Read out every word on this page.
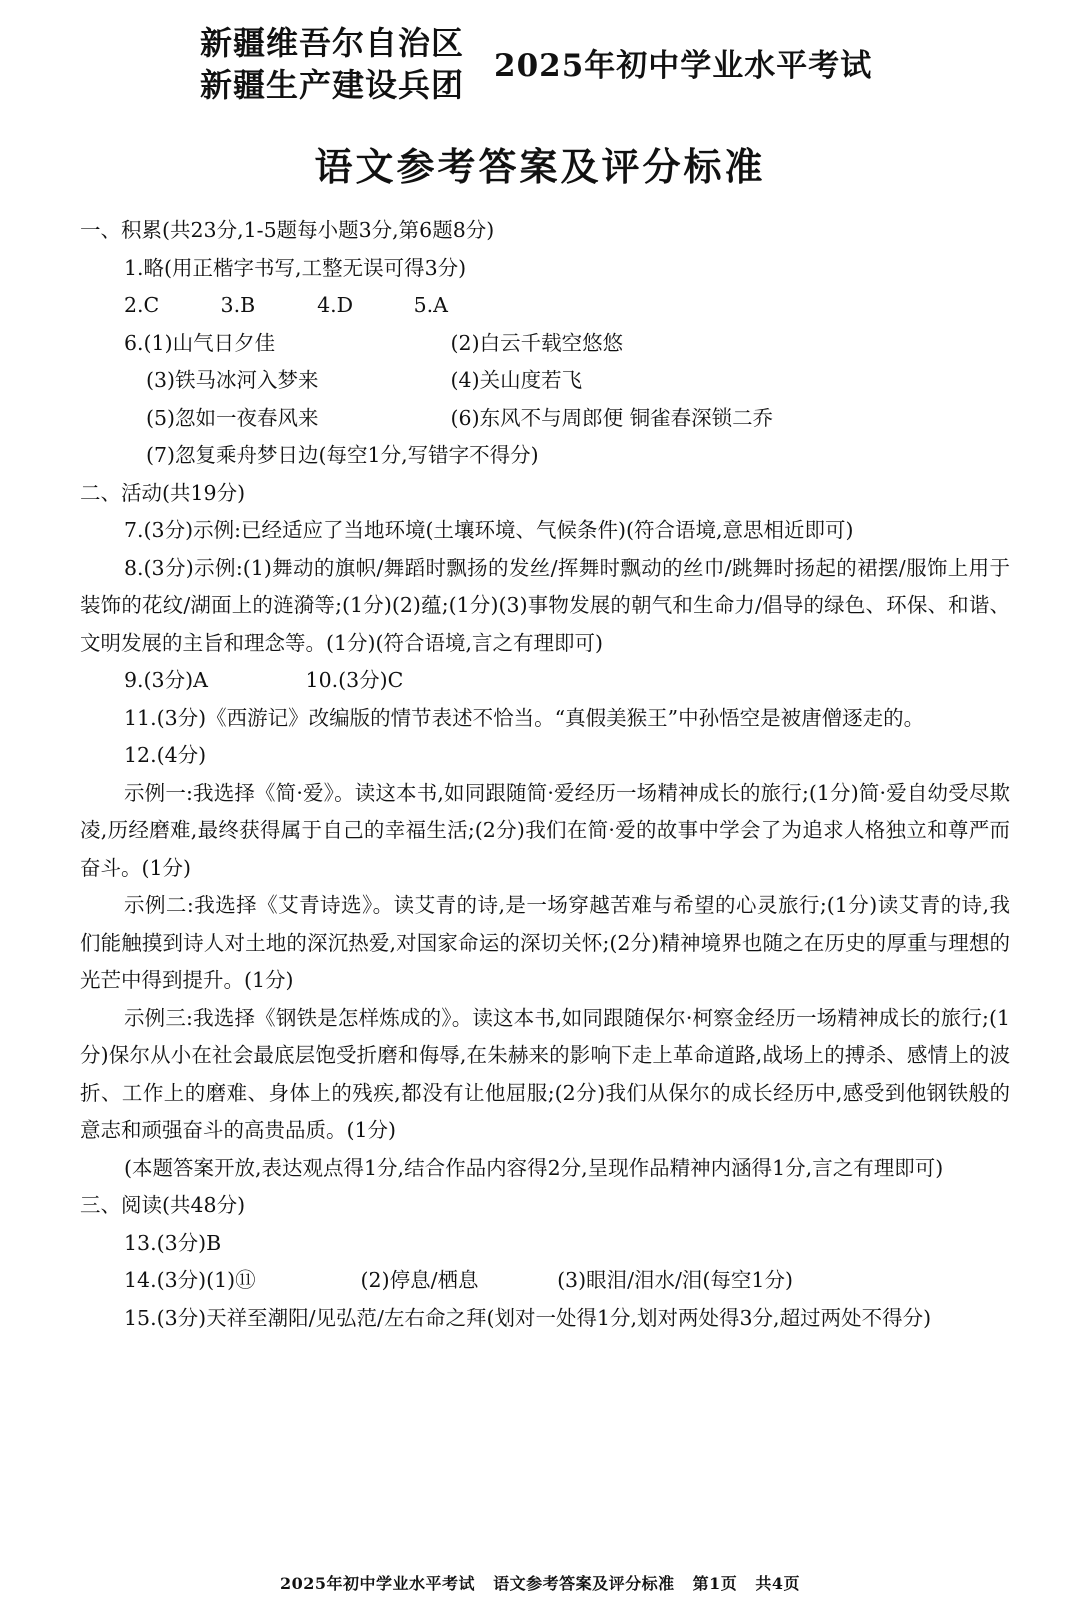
新疆维吾尔自治区
新疆生产建设兵团 2025年初中学业水平考试
语文参考答案及评分标准
一、积累(共23分,1-5题每小题3分,第6题8分)
1.略(用正楷字书写,工整无误可得3分)
2.C	3.B	4.D	5.A
6.(1)山气日夕佳	(2)白云千载空悠悠
(3)铁马冰河入梦来	(4)关山度若飞
(5)忽如一夜春风来	(6)东风不与周郎便 铜雀春深锁二乔
(7)忽复乘舟梦日边(每空1分,写错字不得分)
二、活动(共19分)
7.(3分)示例:已经适应了当地环境(土壤环境、气候条件)(符合语境,意思相近即可)
8.(3分)示例:(1)舞动的旗帜/舞蹈时飘扬的发丝/挥舞时飘动的丝巾/跳舞时扬起的裙摆/服饰上用于装饰的花纹/湖面上的涟漪等;(1分)(2)蕴;(1分)(3)事物发展的朝气和生命力/倡导的绿色、环保、和谐、文明发展的主旨和理念等。(1分)(符合语境,言之有理即可)
9.(3分)A	10.(3分)C
11.(3分)《西游记》改编版的情节表述不恰当。“真假美猴王”中孙悟空是被唐僧逐走的。
12.(4分)
示例一:我选择《简·爱》。读这本书,如同跟随简·爱经历一场精神成长的旅行;(1分)简·爱自幼受尽欺凌,历经磨难,最终获得属于自己的幸福生活;(2分)我们在简·爱的故事中学会了为追求人格独立和尊严而奋斗。(1分)
示例二:我选择《艾青诗选》。读艾青的诗,是一场穿越苦难与希望的心灵旅行;(1分)读艾青的诗,我们能触摸到诗人对土地的深沉热爱,对国家命运的深切关怀;(2分)精神境界也随之在历史的厚重与理想的光芒中得到提升。(1分)
示例三:我选择《钢铁是怎样炼成的》。读这本书,如同跟随保尔·柯察金经历一场精神成长的旅行;(1分)保尔从小在社会最底层饱受折磨和侮辱,在朱赫来的影响下走上革命道路,战场上的搏杀、感情上的波折、工作上的磨难、身体上的残疾,都没有让他屈服;(2分)我们从保尔的成长经历中,感受到他钢铁般的意志和顽强奋斗的高贵品质。(1分)
(本题答案开放,表达观点得1分,结合作品内容得2分,呈现作品精神内涵得1分,言之有理即可)
三、阅读(共48分)
13.(3分)B
14.(3分)(1)⑪	(2)停息/栖息	(3)眼泪/泪水/泪(每空1分)
15.(3分)天祥至潮阳/见弘范/左右命之拜(划对一处得1分,划对两处得3分,超过两处不得分)
2025年初中学业水平考试 语文参考答案及评分标准 第1页 共4页
